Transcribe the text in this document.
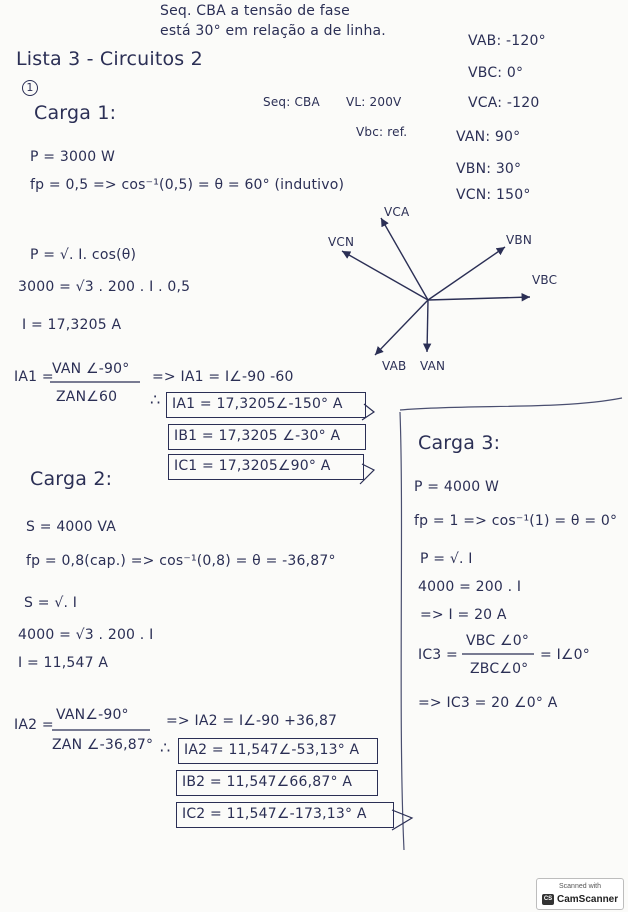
Seq. CBA a tensão de fase
está 30° em relação a de linha.
Lista 3 - Circuitos 2
1
Seq: CBA VL: 200V
Vbc: ref.
VAB: -120°
VBC: 0°
VCA: -120
VAN: 90°
VBN: 30°
VCN: 150°
Carga 1:
P = 3000 W
fp = 0,5 => cos⁻¹(0,5) = θ = 60° (indutivo)
P = √. I. cos(θ)
3000 = √3 . 200 . I . 0,5
I = 17,3205 A
IA1 =
VAN ∠-90°
ZAN∠60
=> IA1 = I∠-90 -60
∴ IA1 = 17,3205∠-150° A
IB1 = 17,3205 ∠-30° A
IC1 = 17,3205∠90° A
Carga 2:
S = 4000 VA
fp = 0,8(cap.) => cos⁻¹(0,8) = θ = -36,87°
S = √. I
4000 = √3 . 200 . I
I = 11,547 A
IA2 =
VAN∠-90°
ZAN ∠-36,87°
=> IA2 = I∠-90 +36,87
∴ IA2 = 11,547∠-53,13° A
IB2 = 11,547∠66,87° A
IC2 = 11,547∠-173,13° A
Carga 3:
P = 4000 W
fp = 1 => cos⁻¹(1) = θ = 0°
P = √. I
4000 = 200 . I
=> I = 20 A
IC3 =
VBC ∠0°
ZBC∠0°
= I∠0°
=> IC3 = 20 ∠0° A
VCA
VCN	VBN
VBC
VAB VAN
Scanned with
CS CamScanner
